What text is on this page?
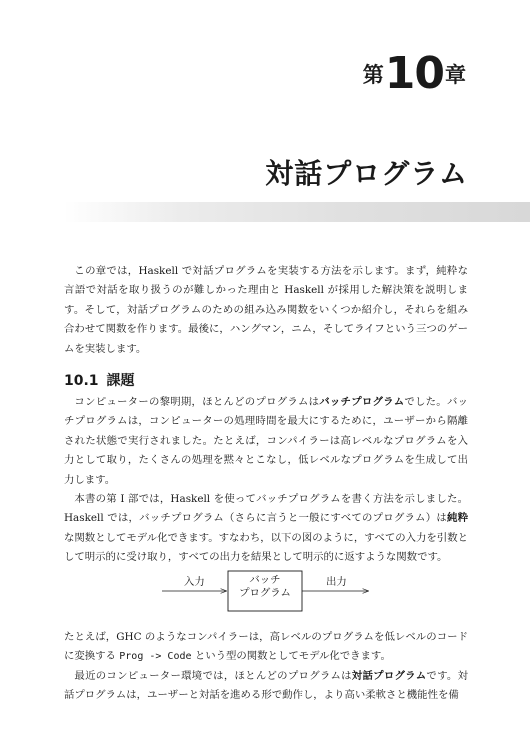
第10章
対話プログラム

この章では，Haskell で対話プログラムを実装する方法を示します。まず，純粋な言語で対話を取り扱うのが難しかった理由と Haskell が採用した解決策を説明します。そして，対話プログラムのための組み込み関数をいくつか紹介し，それらを組み合わせて関数を作ります。最後に，ハングマン，ニム，そしてライフという三つのゲームを実装します。

10.1 課題

コンピューターの黎明期，ほとんどのプログラムはバッチプログラムでした。バッチプログラムは，コンピューターの処理時間を最大にするために，ユーザーから隔離された状態で実行されました。たとえば，コンパイラーは高レベルなプログラムを入力として取り，たくさんの処理を黙々とこなし，低レベルなプログラムを生成して出力します。

本書の第 I 部では，Haskell を使ってバッチプログラムを書く方法を示しました。Haskell では，バッチプログラム（さらに言うと一般にすべてのプログラム）は純粋な関数としてモデル化できます。すなわち，以下の図のように，すべての入力を引数として明示的に受け取り，すべての出力を結果として明示的に返すような関数です。

入力	出力
バッチ
プログラム

たとえば，GHC のようなコンパイラーは，高レベルのプログラムを低レベルのコードに変換する Prog -> Code という型の関数としてモデル化できます。

最近のコンピューター環境では，ほとんどのプログラムは対話プログラムです。対話プログラムは，ユーザーと対話を進める形で動作し，より高い柔軟さと機能性を備
